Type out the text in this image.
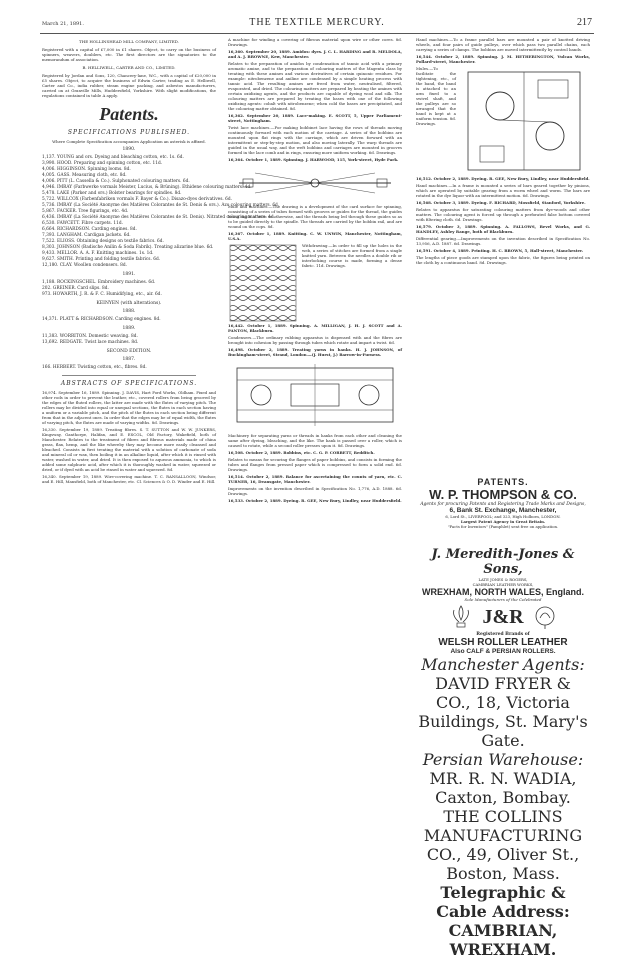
March 21, 1891.	THE TEXTILE MERCURY.	217
THE HOLLINSHEAD MILL COMPANY, LIMITED.

Registered with a capital of £7,000 in £1 shares. Object, to carry on the business of spinners, weavers, doublers, etc. The first directors are the signatories to the memorandum of association.

B. HELLIWELL, CARTER AND CO., LIMITED.

Registered by Jordan and Sons, 120, Chancery-lane, W.C., with a capital of £20,000 in £5 shares. Object, to acquire the business of Edwin Carter, trading as E. Helliwell, Carter and Co., india rubber, steam engine packing, and asbestos manufacturers, carried on at Granville Mills, Huddersfield, Yorkshire. With slight modifications, the regulations contained in table A apply.

Patents.
SPECIFICATIONS PUBLISHED.

Where Complete Specification accompanies Application an asterisk is affixed.

1890.

1,137. YOUNG and ors. Dyeing and bleaching cotton, etc. 1s. 6d.

3,990. HOOD. Preparing and spinning cotton, etc. 11d.

4,006. HIGGINSON. Spinning looms. 8d.

4,005. GASS. Measuring cloth, etc. 8d.

4,006. PITT (L. Cassella & Co.). Sulphonated colouring matters. 6d.

4,946. IMRAY (Farbwerke vormals Meister, Lucius, & Brüning). Ethidene colouring matters. 4d.

5,478. LAKE (Parker and ors.) Bolster bearings for spindles. 8d.

5,722. WILLCOX (Farbenfabriken vormals F. Bayer & Co.). Disazo-dyes derivatives. 6d.

5,736. IMRAY (La Société Anonyme des Matières Colorantes de St. Denis & ors.). Azo colouring matters. 6d.

5,867. FACKER. Tree figurings, etc. 4d.

6,436. IMRAY (La Société Anonyme des Matières Colorantes de St. Denis). Nitrated colouring matters. 4d.

6,530. FAWCETT. Fibre carpets. 11d.

6,664. RICHARDSON. Carding engines. 8d.

7,393. LANGHAM. Cardigan jackets. 6d.

7,522. ELIOSS. Obtaining designs on textile fabrics. 6d.

8,303. JOHNSON (Badische Anilin & Soda Fabrik). Treating alizarine blue. 6d.

9,433. MELLOR. A. A. F. Knitting machines. 1s. 1d.

9,627. SMITH. Printing and folding textile fabrics. 6d.

12,180. CLAY. Woollen condensers. 8d.

1891.

1,188. ROCKINGSCHEL. Embroidery machines. 6d.

202. GREINER. Card slips. 8d.

973. HOWARTH, J. R. & F. C. Humidifying, etc., air. 6d.

KEINYEN (with alterations).
1888.

14,371. PLATT & RICHARDSON. Carding engines. 8d.

1889.

11,383. WORRITON. Domestic weaving. 8d.

13,692. REDGATE. Twist lace machines. 8d.

SECOND EDITION.
1887.

166. HERBERT. Twisting cotton, etc., fibres. 8d.

ABSTRACTS OF SPECIFICATIONS.

16,974. September 16, 1889. Spinning. J. DAVIS, Hart Ford Works, Oldham. Fixed and other rods in order to prevent the leather, etc., covered rollers from being grooved by the edges of the fluted rollers, the latter are made with the flutes of varying pitch. The rollers may be divided into equal or unequal sections, the flutes in each section having a uniform or a variable pitch, and the pitch of the flutes in each section being different from that in the adjacent ones. In order that the edges may be of equal width, the flutes of varying pitch, the flutes are made of varying widths. 8d. Drawings.

16,330. September 19, 1889. Treating fibres. S. T. SUTTON and W. W. JUNKERS, Kingsway, Ganthorpe, Halifax, and E. ESCOL, Old Factory, Wakefield, both of Manchester. Relates to the treatment of fibres and fibrous materials made of china grass, flax, hemp, and the like whereby they may become more easily cleansed and bleached. Consists in first treating the material with a solution of carbonate of soda and mineral oil or wax, then boiling it in an alkaline liquid, after which it is rinsed with water, washed in water, and dried. It is then exposed to aqueous ammonia, to which is added some sulphuric acid, after which it is thoroughly washed in water, squeezed or dried, or if dyed with an acid be rinsed in water and squeezed. 8d.

16,340. September 19, 1889. Wire-covering machine. T. C. RANSALLOON, Windsor, and E. Hill, Mansfield, both of Manchester, etc. Cl. Sciences & O. D. Winder and E. Hill.

A machine for winding a covering of fibrous material upon wire or other cores. 8d. Drawings.

16,360. September 20, 1889. Amidos: dyes. J. C. L. HARDING and R. MELDOLA, and A. J. BROWNE, Kew, Manchester.

Relates to the preparation of amidos by condensation of tannic acid with a primary aromatic amine, and to the preparation of colouring matters of the Magenta class by treating with these amines and various derivatives of certain quinonic residues. For example: nitrobenzene and aniline are condensed by a simple heating process with tannic acid. The resulting amines are freed from water, neutralised, filtered, evaporated, and dried. The colouring matters are prepared by heating the amines with certain oxidizing agents, and the products are capable of dyeing wool and silk. The colouring matters are prepared by treating the bases with one of the following oxidizing agents: cobalt with nitrobenzene; when cold the bases are precipitated, and the colouring matter obtained. 8d.

16,362. September 20, 1889. Lace-making. E. SCOTT, 5, Upper Parliament-street, Nottingham.

Twist lace machines.—For making bobbinet lace having the rows of threads moving continuously forward with each motion of the carriage. A series of the bobbins are mounted upon flat rings with the carriage, which are driven forward with an intermittent or step-by-step motion, and also moving laterally. The warp threads are guided in the usual way, and the weft bobbins and carriages are mounted in grooves formed in the lace comb and in rings, ensuring more uniform working. 6d. Drawings.

16,364. October 1, 1889. Spinning. J. HARWOOD, 115, York-street, Hyde Park.

Mule and machines.—The drawing is a development of the card surface for spinning, consisting of a series of tubes formed with grooves or guides for the thread, the guides being made of wire or otherwise, and the threads being led through these guides so as to be guided directly to the spindle. The threads are carried by the bobbin rail, and are wound on the cops. 8d.

16,367. October 1, 1889. Knitting. C. W. UNWIN, Manchester, Nottingham, U.S.A.

Withdrawing.—In order to fill up the holes in the web, a series of stitches are formed from a single knitted yarn. Between the needles a double rib or interlocking course is made, forming a dense fabric. 11d. Drawings.

16,442. October 1, 1889. Spinning. A. MILLIGAN, J. H. J. SCOTT and A. PANTON, Blackburn.

Condensers.—The ordinary rubbing apparatus is dispensed with and the fibres are brought into cohesion by passing through tubes which rotate and impart a twist. 6d.

16,498. October 2, 1889. Treating yarns in hanks. H. J. JOHNSON, of Buckingham-street, Strand, London.—(J. Hurst, J.) Barrow-in-Furness.

Machinery for separating yarns or threads in hanks from each other and cleaning the same after dyeing, bleaching, and the like. The hank is passed over a roller, which is caused to rotate, while a second roller presses upon it. 8d. Drawings.

16,508. October 2, 1889. Bobbins, etc. C. G. P. CORBETT, Redditch.

Relates to means for securing the flanges of paper bobbins, and consists in forming the tubes and flanges from pressed paper which is compressed to form a solid end. 6d. Drawings.

16,514. October 2, 1889. Balance for ascertaining the counts of yarn, etc. C. TURNER, 16, Deansgate, Manchester.

Improvements on the invention described in Specification No. 1,776, A.D. 1888. 6d. Drawings.

16,533. October 2, 1889. Dyeing. R. GEE, New Bury, Lindley, near Huddersfield.

Hand machines.—To a frame parallel bars are mounted a pair of knotted driving wheels, and four pairs of guide pulleys, over which pass two parallel chains, each carrying a series of clamps. The bobbins are moved intermittently by control bands.

16,544. October 2, 1889. Spinning. J. M. HETHERINGTON, Vulcan Works, Pollard-street, Manchester.

Mules.—To facilitate the tightening, etc., of the band, the band is attached to an arm fixed to a swivel shaft, and the pulleys are so arranged that the band is kept at a uniform tension. 8d. Drawings.

16,512. October 2, 1889. Dyeing. R. GEE, New Bury, Lindley, near Huddersfield.

Hand machines.—In a frame is mounted a series of bars geared together by pinions, which are operated by suitable gearing from a worm wheel and worm. The bars are rotated in the dye liquor with an intermittent motion. 6d. Drawings.

16,568. October 3, 1889. Dyeing. F. RICHARD, Mossfield, Stanford, Yorkshire.

Relates to apparatus for saturating colouring matters from dye-woods and other matters. The colouring agent is forced up through a perforated false bottom covered with filtering cloth. 6d. Drawings.

16,579. October 3, 1889. Spinning. A. FALLOWS, Bevel Works, and G. HANDLEY, Ashley Range, both of Blackburn.

Differential gearing.—Improvements on the invention described in Specification No. 13,956, A.D. 1887. 6d. Drawings.

16,591. October 4, 1889. Printing. H. C. BROWN, 5, Hall-street, Manchester.

The lengths of piece goods are stamped upon the fabric, the figures being printed on the cloth by a continuous band. 8d. Drawings.

PATENTS.
W. P. THOMPSON & CO.
Agents for procuring Patents and Registering Trade Marks and Designs,
6, Bank St. Exchange, Manchester,
6, Lord St., LIVERPOOL; and 323, High Holborn, LONDON.
Largest Patent Agency in Great Britain.
"Facts for Inventors" (Pamphlet) sent free on application.
J. Meredith-Jones & Sons,
LATE JONES & ROGERS,
CAMBRIAN LEATHER WORKS,
WREXHAM, NORTH WALES, England.
Sole Manufacturers of the Celebrated
J&R
Registered Brands of
WELSH ROLLER LEATHER
Also CALF & PERSIAN ROLLERS.
Manchester Agents:
DAVID FRYER & CO., 18, Victoria Buildings, St. Mary's Gate.
Persian Warehouse:
MR. R. N. WADIA, Caxton, Bombay.
THE COLLINS MANUFACTURING CO., 49, Oliver St., Boston, Mass.
Telegraphic & Cable Address: CAMBRIAN, WREXHAM.
